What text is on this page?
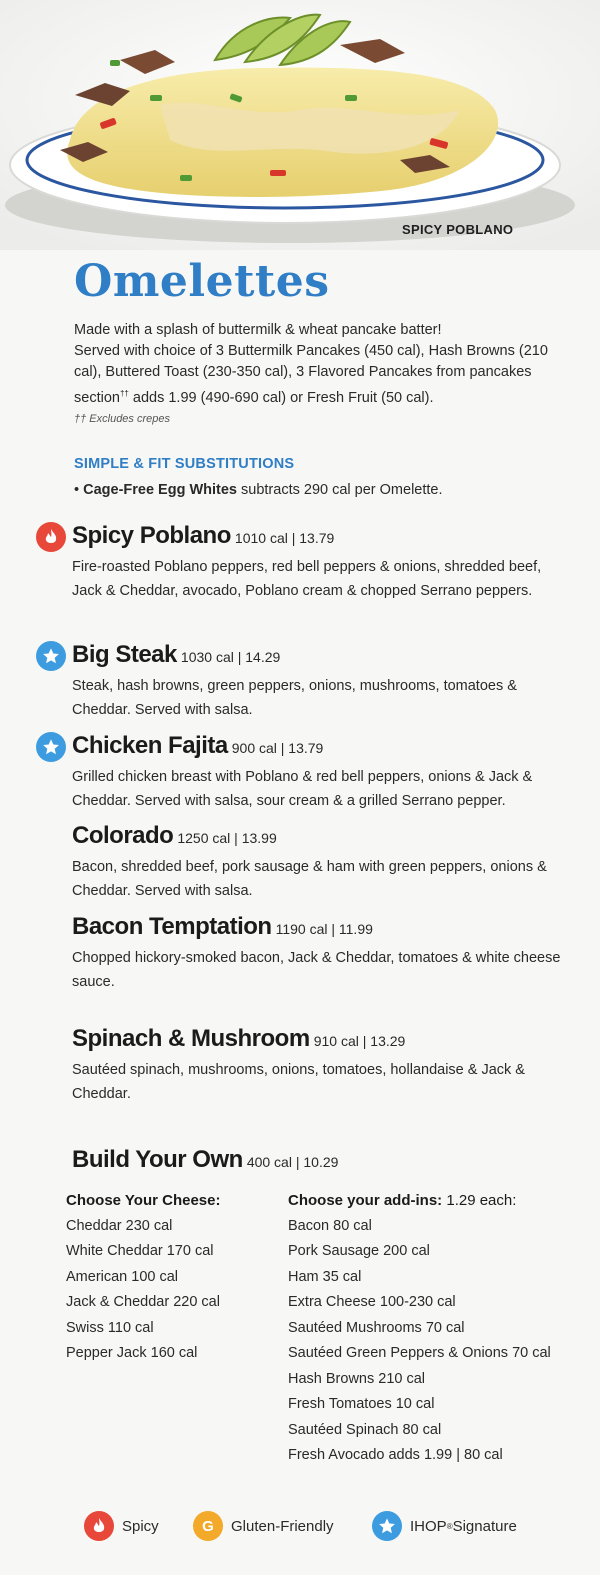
SPICY POBLANO
Omelettes

Made with a splash of buttermilk & wheat pancake batter!

Served with choice of 3 Buttermilk Pancakes (450 cal), Hash Browns (210 cal), Buttered Toast (230-350 cal), 3 Flavored Pancakes from pancakes section†† adds 1.99 (490-690 cal) or Fresh Fruit (50 cal).

†† Excludes crepes

SIMPLE & FIT SUBSTITUTIONS
• Cage-Free Egg Whites subtracts 290 cal per Omelette.
Spicy Poblano 1010 cal | 13.79
Fire-roasted Poblano peppers, red bell peppers & onions, shredded beef, Jack & Cheddar, avocado, Poblano cream & chopped Serrano peppers.
Big Steak 1030 cal | 14.29
Steak, hash browns, green peppers, onions, mushrooms, tomatoes & Cheddar. Served with salsa.
Chicken Fajita 900 cal | 13.79
Grilled chicken breast with Poblano & red bell peppers, onions & Jack & Cheddar. Served with salsa, sour cream & a grilled Serrano pepper.
Colorado 1250 cal | 13.99
Bacon, shredded beef, pork sausage & ham with green peppers, onions & Cheddar. Served with salsa.
Bacon Temptation 1190 cal | 11.99
Chopped hickory-smoked bacon, Jack & Cheddar, tomatoes & white cheese sauce.
Spinach & Mushroom 910 cal | 13.29
Sautéed spinach, mushrooms, onions, tomatoes, hollandaise & Jack & Cheddar.
Build Your Own 400 cal | 10.29
Choose Your Cheese:
Cheddar 230 cal
White Cheddar 170 cal
American 100 cal
Jack & Cheddar 220 cal
Swiss 110 cal
Pepper Jack 160 cal
Choose your add-ins: 1.29 each:
Bacon 80 cal
Pork Sausage 200 cal
Ham 35 cal
Extra Cheese 100-230 cal
Sautéed Mushrooms 70 cal
Sautéed Green Peppers & Onions 70 cal
Hash Browns 210 cal
Fresh Tomatoes 10 cal
Sautéed Spinach 80 cal
Fresh Avocado adds 1.99 | 80 cal
Spicy	G	Gluten-Friendly	IHOP ® Signature
